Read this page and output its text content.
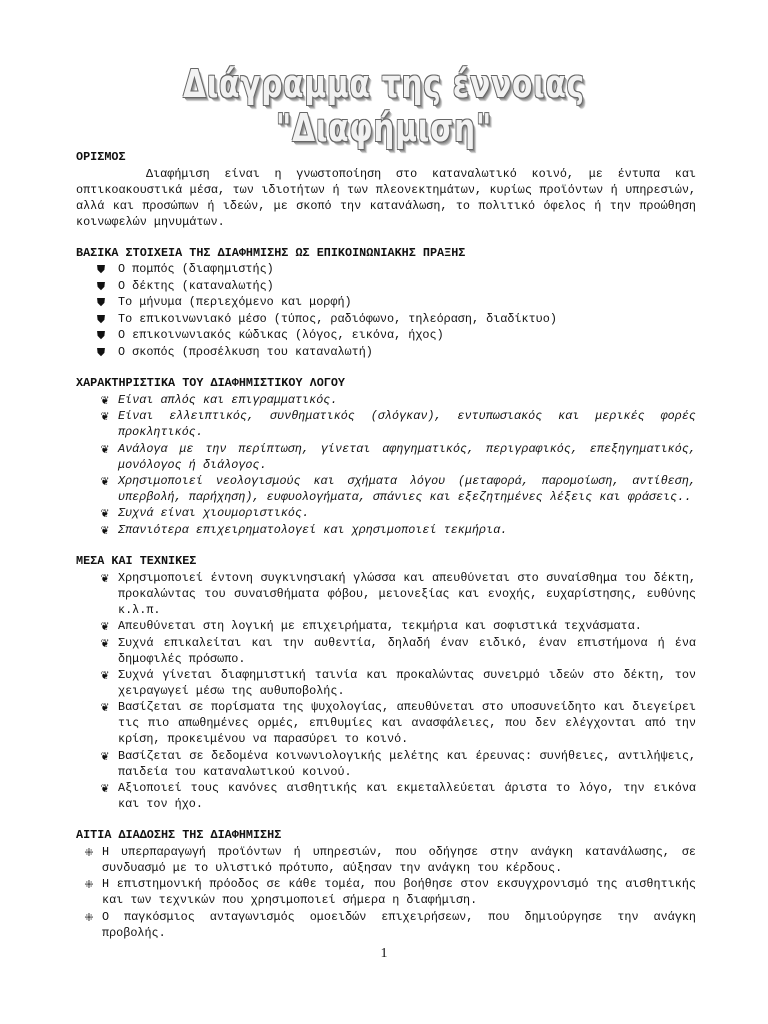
Διάγραμμα της έννοιας "Διαφήμιση"
ΟΡΙΣΜΟΣ

Διαφήμιση είναι η γνωστοποίηση στο καταναλωτικό κοινό, με έντυπα και οπτικοακουστικά μέσα, των ιδιοτήτων ή των πλεονεκτημάτων, κυρίως προϊόντων ή υπηρεσιών, αλλά και προσώπων ή ιδεών, με σκοπό την κατανάλωση, το πολιτικό όφελος ή την προώθηση κοινωφελών μηνυμάτων.

ΒΑΣΙΚΑ ΣΤΟΙΧΕΙΑ ΤΗΣ ΔΙΑΦΗΜΙΣΗΣ ΩΣ ΕΠΙΚΟΙΝΩΝΙΑΚΗΣ ΠΡΑΞΗΣ
⛊ Ο πομπός (διαφημιστής)
⛊ Ο δέκτης (καταναλωτής)
⛊ Το μήνυμα (περιεχόμενο και μορφή)
⛊ Το επικοινωνιακό μέσο (τύπος, ραδιόφωνο, τηλεόραση, διαδίκτυο)
⛊ Ο επικοινωνιακός κώδικας (λόγος, εικόνα, ήχος)
⛊ Ο σκοπός (προσέλκυση του καταναλωτή)
ΧΑΡΑΚΤΗΡΙΣΤΙΚΑ ΤΟΥ ΔΙΑΦΗΜΙΣΤΙΚΟΥ ΛΟΓΟΥ
❦ Είναι απλός και επιγραμματικός.
❦ Είναι ελλειπτικός, συνθηματικός (σλόγκαν), εντυπωσιακός και μερικές φορές προκλητικός.
❦ Ανάλογα με την περίπτωση, γίνεται αφηγηματικός, περιγραφικός, επεξηγηματικός, μονόλογος ή διάλογος.
❦ Χρησιμοποιεί νεολογισμούς και σχήματα λόγου (μεταφορά, παρομοίωση, αντίθεση, υπερβολή, παρήχηση), ευφυολογήματα, σπάνιες και εξεζητημένες λέξεις και φράσεις..
❦ Συχνά είναι χιουμοριστικός.
❦ Σπανιότερα επιχειρηματολογεί και χρησιμοποιεί τεκμήρια.
ΜΕΣΑ ΚΑΙ ΤΕΧΝΙΚΕΣ
❦ Χρησιμοποιεί έντονη συγκινησιακή γλώσσα και απευθύνεται στο συναίσθημα του δέκτη, προκαλώντας του συναισθήματα φόβου, μειονεξίας και ενοχής, ευχαρίστησης, ευθύνης κ.λ.π.
❦ Απευθύνεται στη λογική με επιχειρήματα, τεκμήρια και σοφιστικά τεχνάσματα.
❦ Συχνά επικαλείται και την αυθεντία, δηλαδή έναν ειδικό, έναν επιστήμονα ή ένα δημοφιλές πρόσωπο.
❦ Συχνά γίνεται διαφημιστική ταινία και προκαλώντας συνειρμό ιδεών στο δέκτη, τον χειραγωγεί μέσω της αυθυποβολής.
❦ Βασίζεται σε πορίσματα της ψυχολογίας, απευθύνεται στο υποσυνείδητο και διεγείρει τις πιο απωθημένες ορμές, επιθυμίες και ανασφάλειες, που δεν ελέγχονται από την κρίση, προκειμένου να παρασύρει το κοινό.
❦ Βασίζεται σε δεδομένα κοινωνιολογικής μελέτης και έρευνας: συνήθειες, αντιλήψεις, παιδεία του καταναλωτικού κοινού.
❦ Αξιοποιεί τους κανόνες αισθητικής και εκμεταλλεύεται άριστα το λόγο, την εικόνα και τον ήχο.
ΑΙΤΙΑ ΔΙΑΔΟΣΗΣ ΤΗΣ ΔΙΑΦΗΜΙΣΗΣ
⁜ Η υπερπαραγωγή προϊόντων ή υπηρεσιών, που οδήγησε στην ανάγκη κατανάλωσης, σε συνδυασμό με το υλιστικό πρότυπο, αύξησαν την ανάγκη του κέρδους.
⁜ Η επιστημονική πρόοδος σε κάθε τομέα, που βοήθησε στον εκσυγχρονισμό της αισθητικής και των τεχνικών που χρησιμοποιεί σήμερα η διαφήμιση.
⁜ Ο παγκόσμιος ανταγωνισμός ομοειδών επιχειρήσεων, που δημιούργησε την ανάγκη προβολής.
1
